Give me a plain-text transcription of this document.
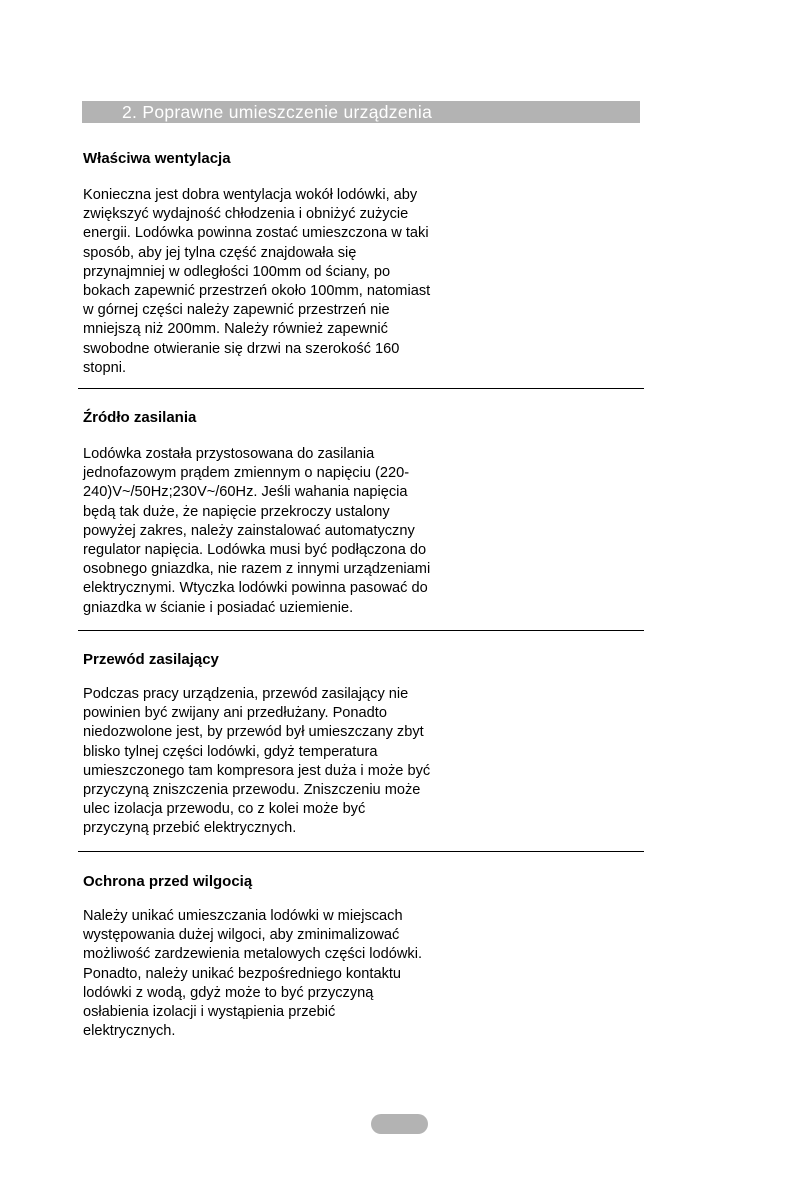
2. Poprawne umieszczenie urządzenia
Właściwa wentylacja
Konieczna jest dobra wentylacja wokół lodówki, aby
zwiększyć wydajność chłodzenia i obniżyć zużycie
energii. Lodówka powinna zostać umieszczona w taki
sposób, aby jej tylna część znajdowała się
przynajmniej w odległości 100mm od ściany, po
bokach zapewnić przestrzeń około 100mm, natomiast
w górnej części należy zapewnić przestrzeń nie
mniejszą niż 200mm. Należy również zapewnić
swobodne otwieranie się drzwi na szerokość 160
stopni.
Źródło zasilania
Lodówka została przystosowana do zasilania
jednofazowym prądem zmiennym o napięciu (220-
240)V~/50Hz;230V~/60Hz. Jeśli wahania napięcia
będą tak duże, że napięcie przekroczy ustalony
powyżej zakres, należy zainstalować automatyczny
regulator napięcia. Lodówka musi być podłączona do
osobnego gniazdka, nie razem z innymi urządzeniami
elektrycznymi. Wtyczka lodówki powinna pasować do
gniazdka w ścianie i posiadać uziemienie.
Przewód zasilający
Podczas pracy urządzenia, przewód zasilający nie
powinien być zwijany ani przedłużany. Ponadto
niedozwolone jest, by przewód był umieszczany zbyt
blisko tylnej części lodówki, gdyż temperatura
umieszczonego tam kompresora jest duża i może być
przyczyną zniszczenia przewodu. Zniszczeniu może
ulec izolacja przewodu, co z kolei może być
przyczyną przebić elektrycznych.
Ochrona przed wilgocią
Należy unikać umieszczania lodówki w miejscach
występowania dużej wilgoci, aby zminimalizować
możliwość zardzewienia metalowych części lodówki.
Ponadto, należy unikać bezpośredniego kontaktu
lodówki z wodą, gdyż może to być przyczyną
osłabienia izolacji i wystąpienia przebić
elektrycznych.
